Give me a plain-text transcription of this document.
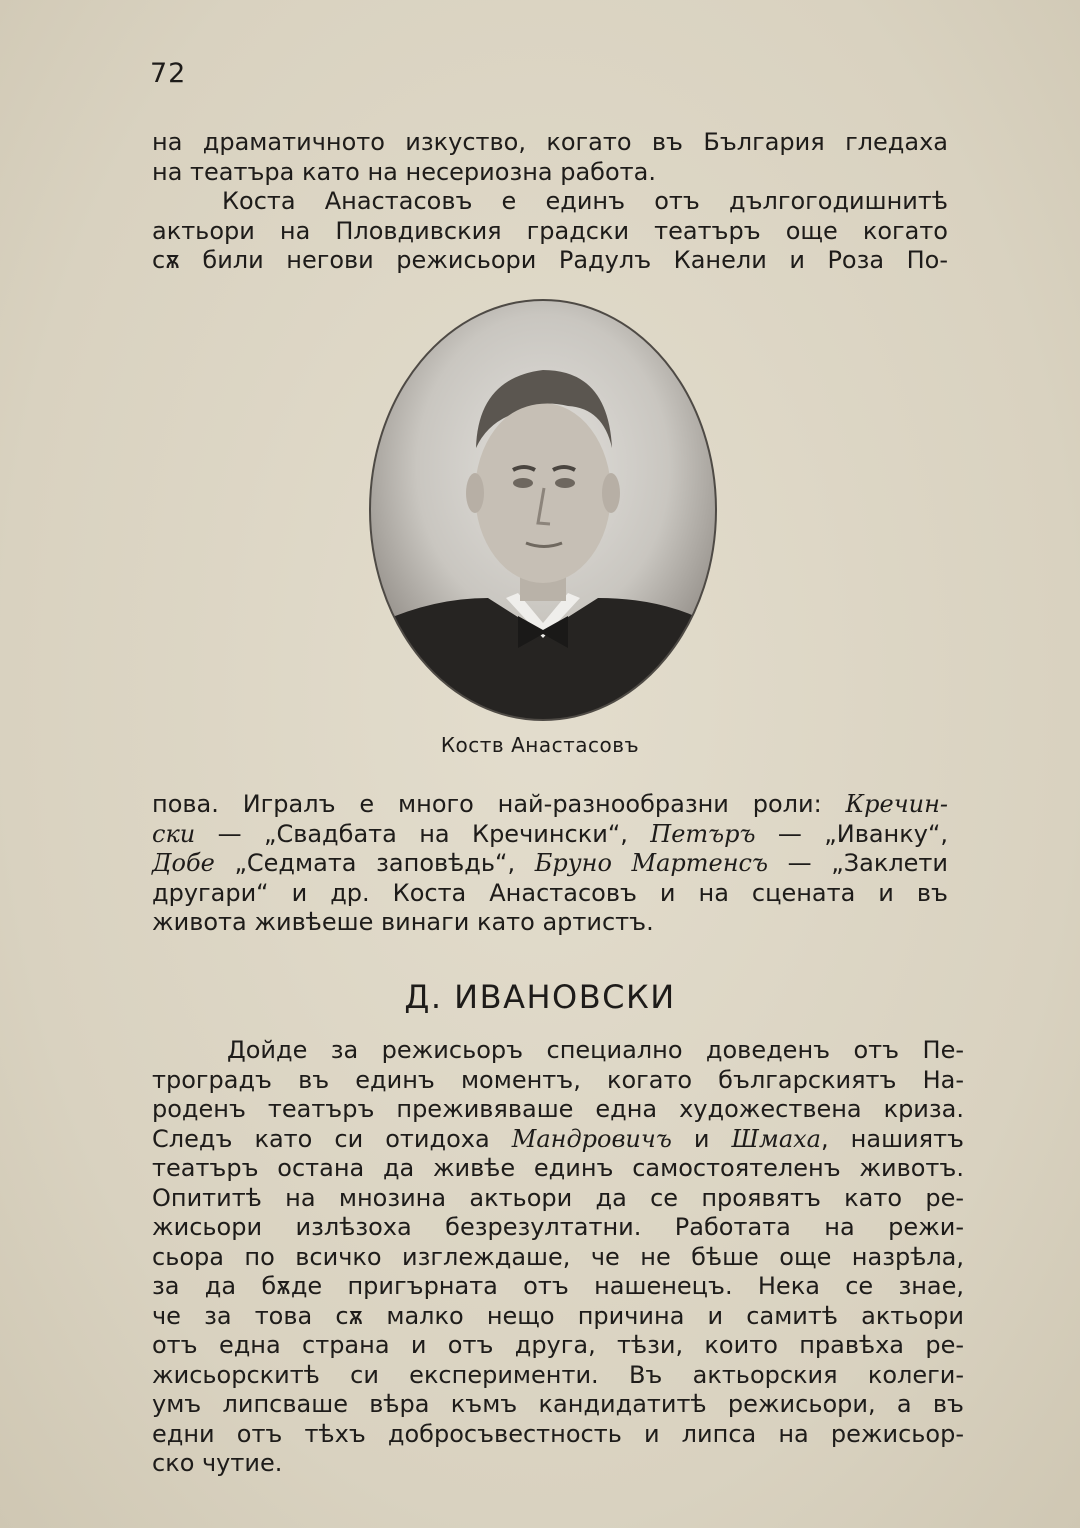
72
на драматичното изкуство, когато въ България гледаха
на театъра като на несериозна работа.
Коста Анастасовъ е единъ отъ дългогодишнитѣ
актьори на Пловдивския градски театъръ още когато
сѫ били негови режисьори Радулъ Канели и Роза По-
Коств Анастасовъ
пова. Игралъ е много най-разнообразни роли: Кречин-
ски — „Свадбата на Кречински“, Петъръ — „Иванку“,
Добе „Седмата заповѣдь“, Бруно Мартенсъ — „Заклети
другари“ и др. Коста Анастасовъ и на сцената и въ
живота живѣеше винаги като артистъ.
Д. ИВАНОВСКИ
Дойде за режисьоръ специално доведенъ отъ Пе-
троградъ въ единъ моментъ, когато българскиятъ На-
роденъ театъръ преживяваше една художествена криза.
Следъ като си отидоха Мандровичъ и Шмаха, нашиятъ
театъръ остана да живѣе единъ самостоятеленъ животъ.
Опититѣ на мнозина актьори да се проявятъ като ре-
жисьори излѣзоха безрезултатни. Работата на режи-
сьора по всичко изглеждаше, че не бѣше още назрѣла,
за да бѫде пригърната отъ нашенецъ. Нека се знае,
че за това сѫ малко нещо причина и самитѣ актьори
отъ една страна и отъ друга, тѣзи, които правѣха ре-
жисьорскитѣ си експерименти. Въ актьорския колеги-
умъ липсваше вѣра къмъ кандидатитѣ режисьори, а въ
едни отъ тѣхъ добросъвестность и липса на режисьор-
ско чутие.
